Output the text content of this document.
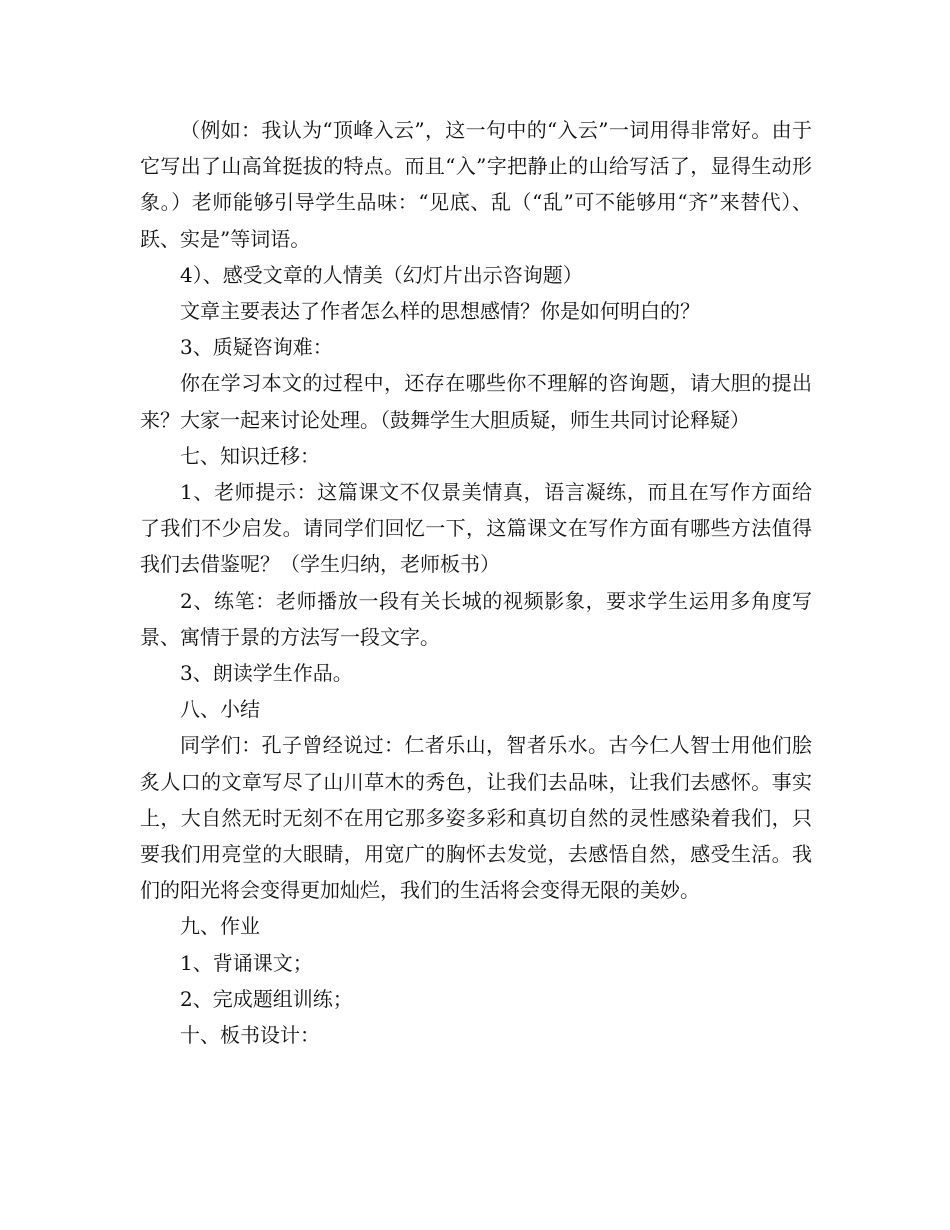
（例如：我认为“顶峰入云”，这一句中的“入云”一词用得非常好。由于它写出了山高耸挺拔的特点。而且“入”字把静止的山给写活了，显得生动形象。）老师能够引导学生品味：“见底、乱（“乱”可不能够用“齐”来替代）、跃、实是”等词语。

4）、感受文章的人情美（幻灯片出示咨询题）

文章主要表达了作者怎么样的思想感情？你是如何明白的？

3、质疑咨询难：

你在学习本文的过程中，还存在哪些你不理解的咨询题，请大胆的提出来？大家一起来讨论处理。（鼓舞学生大胆质疑，师生共同讨论释疑）

七、知识迁移：

1、老师提示：这篇课文不仅景美情真，语言凝练，而且在写作方面给了我们不少启发。请同学们回忆一下，这篇课文在写作方面有哪些方法值得我们去借鉴呢？（学生归纳，老师板书）

2、练笔：老师播放一段有关长城的视频影象，要求学生运用多角度写景、寓情于景的方法写一段文字。

3、朗读学生作品。

八、小结

同学们：孔子曾经说过：仁者乐山，智者乐水。古今仁人智士用他们脍炙人口的文章写尽了山川草木的秀色，让我们去品味，让我们去感怀。事实上，大自然无时无刻不在用它那多姿多彩和真切自然的灵性感染着我们，只要我们用亮堂的大眼睛，用宽广的胸怀去发觉，去感悟自然，感受生活。我们的阳光将会变得更加灿烂，我们的生活将会变得无限的美妙。

九、作业

1、背诵课文；

2、完成题组训练；

十、板书设计：
